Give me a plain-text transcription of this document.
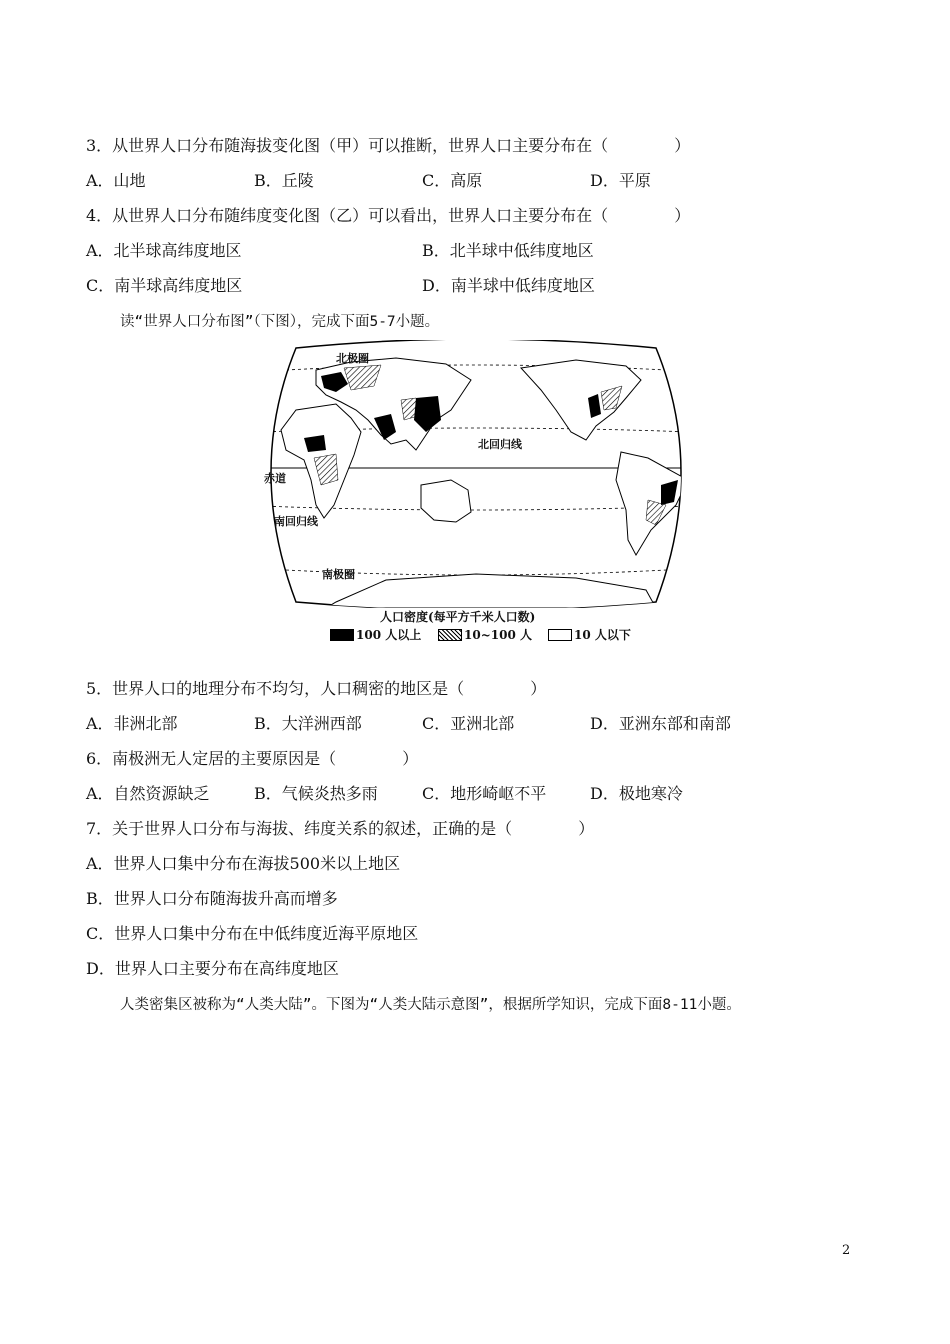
3．从世界人口分布随海拔变化图（甲）可以推断，世界人口主要分布在（             ）
A．山地	B．丘陵	C．高原	D．平原
4．从世界人口分布随纬度变化图（乙）可以看出，世界人口主要分布在（             ）
A．北半球高纬度地区	B．北半球中低纬度地区
C．南半球高纬度地区	D．南半球中低纬度地区
读“世界人口分布图”（下图），完成下面5-7小题。
北极圈
北回归线
赤道
南回归线
南极圈
人口密度(每平方千米人口数)
100 人以上	10~100 人	10 人以下
5．世界人口的地理分布不均匀，人口稠密的地区是（             ）
A．非洲北部	B．大洋洲西部	C．亚洲北部	D．亚洲东部和南部
6．南极洲无人定居的主要原因是（             ）
A．自然资源缺乏	B．气候炎热多雨	C．地形崎岖不平	D．极地寒冷
7．关于世界人口分布与海拔、纬度关系的叙述，正确的是（             ）
A．世界人口集中分布在海拔500米以上地区
B．世界人口分布随海拔升高而增多
C．世界人口集中分布在中低纬度近海平原地区
D．世界人口主要分布在高纬度地区
人类密集区被称为“人类大陆”。下图为“人类大陆示意图”，根据所学知识，完成下面8-11小题。
2
